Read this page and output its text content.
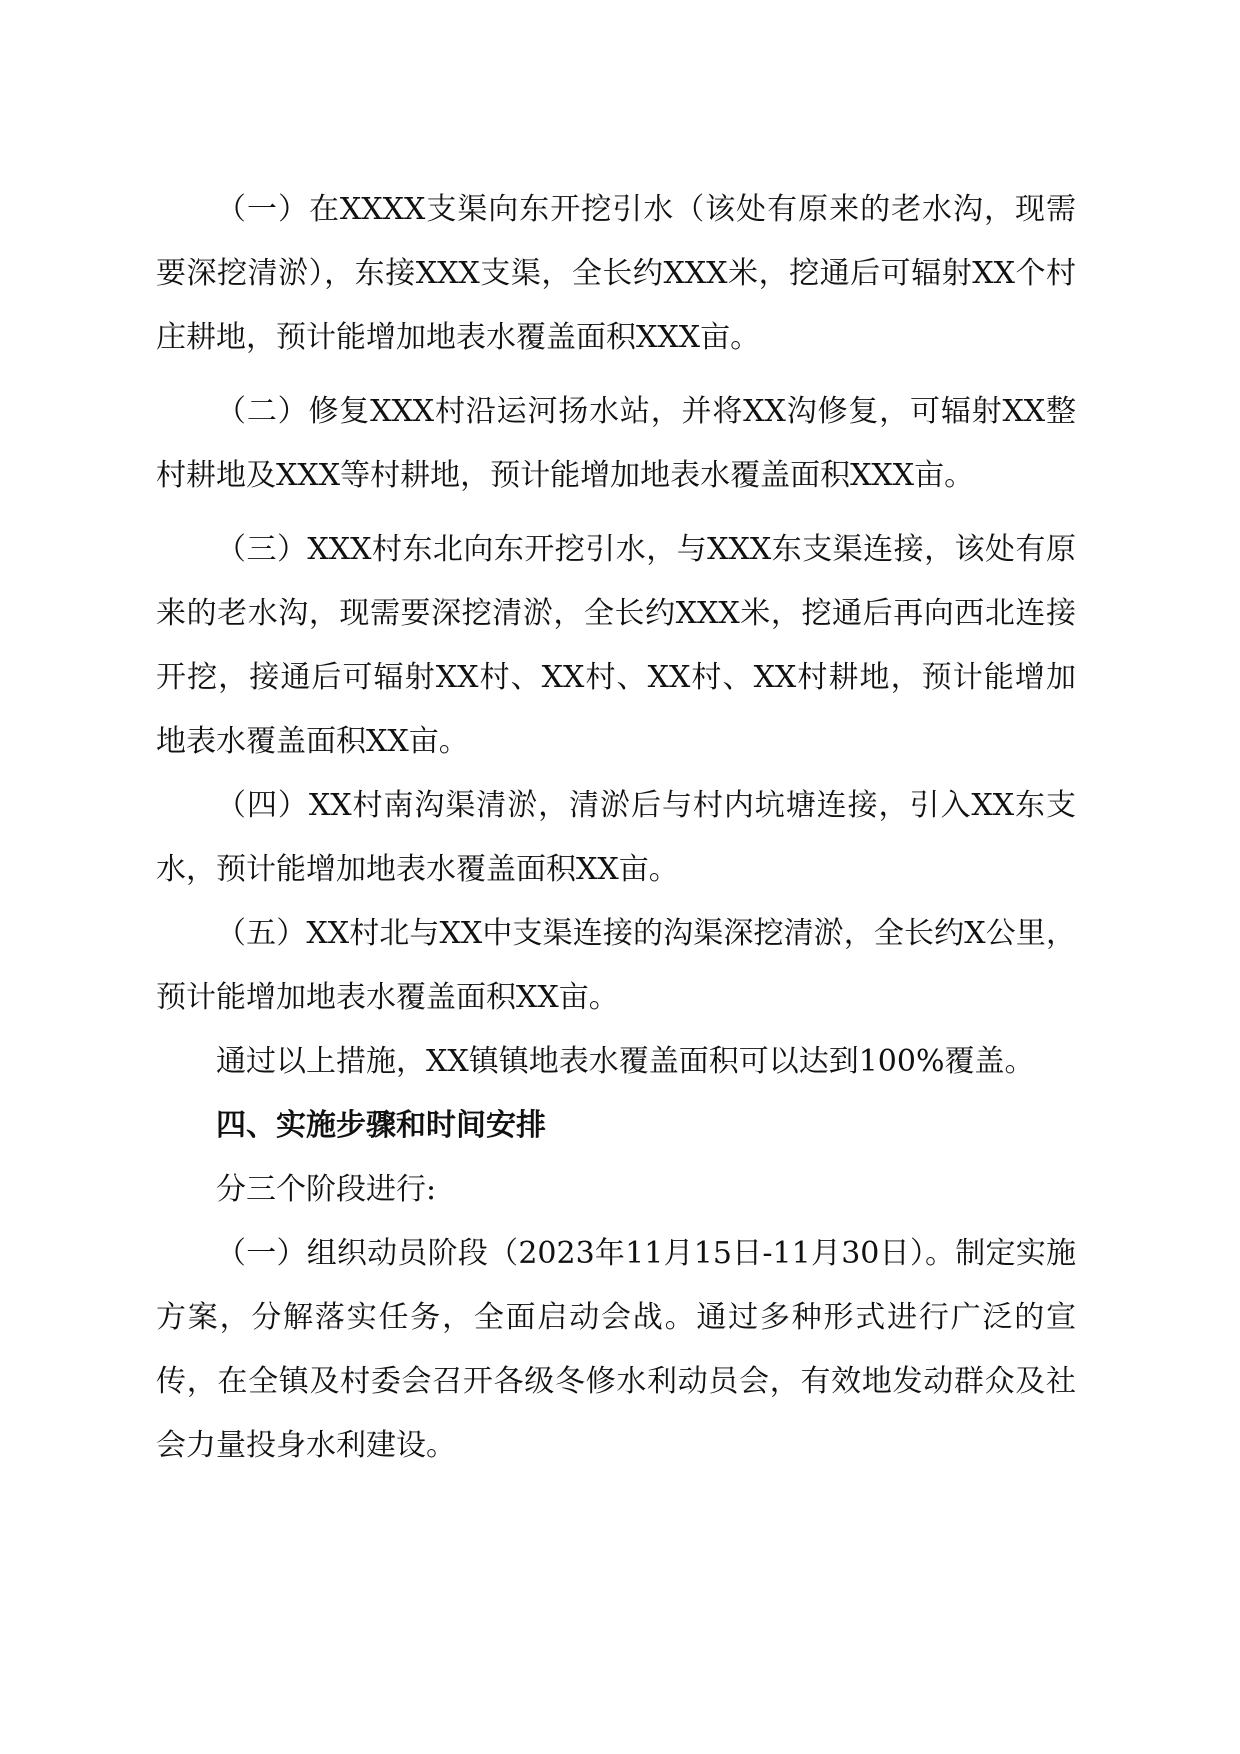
（一）在XXXX支渠向东开挖引水（该处有原来的老水沟，现需要深挖清淤），东接XXX支渠，全长约XXX米，挖通后可辐射XX个村庄耕地，预计能增加地表水覆盖面积XXX亩。

（二）修复XXX村沿运河扬水站，并将XX沟修复，可辐射XX整村耕地及XXX等村耕地，预计能增加地表水覆盖面积XXX亩。

（三）XXX村东北向东开挖引水，与XXX东支渠连接，该处有原来的老水沟，现需要深挖清淤，全长约XXX米，挖通后再向西北连接开挖，接通后可辐射XX村、XX村、XX村、XX村耕地，预计能增加地表水覆盖面积XX亩。

（四）XX村南沟渠清淤，清淤后与村内坑塘连接，引入XX东支水，预计能增加地表水覆盖面积XX亩。

（五）XX村北与XX中支渠连接的沟渠深挖清淤，全长约X公里，预计能增加地表水覆盖面积XX亩。

通过以上措施，XX镇镇地表水覆盖面积可以达到100%覆盖。

四、实施步骤和时间安排

分三个阶段进行:

（一）组织动员阶段（2023年11月15日-11月30日）。制定实施方案，分解落实任务，全面启动会战。通过多种形式进行广泛的宣传，在全镇及村委会召开各级冬修水利动员会，有效地发动群众及社会力量投身水利建设。
